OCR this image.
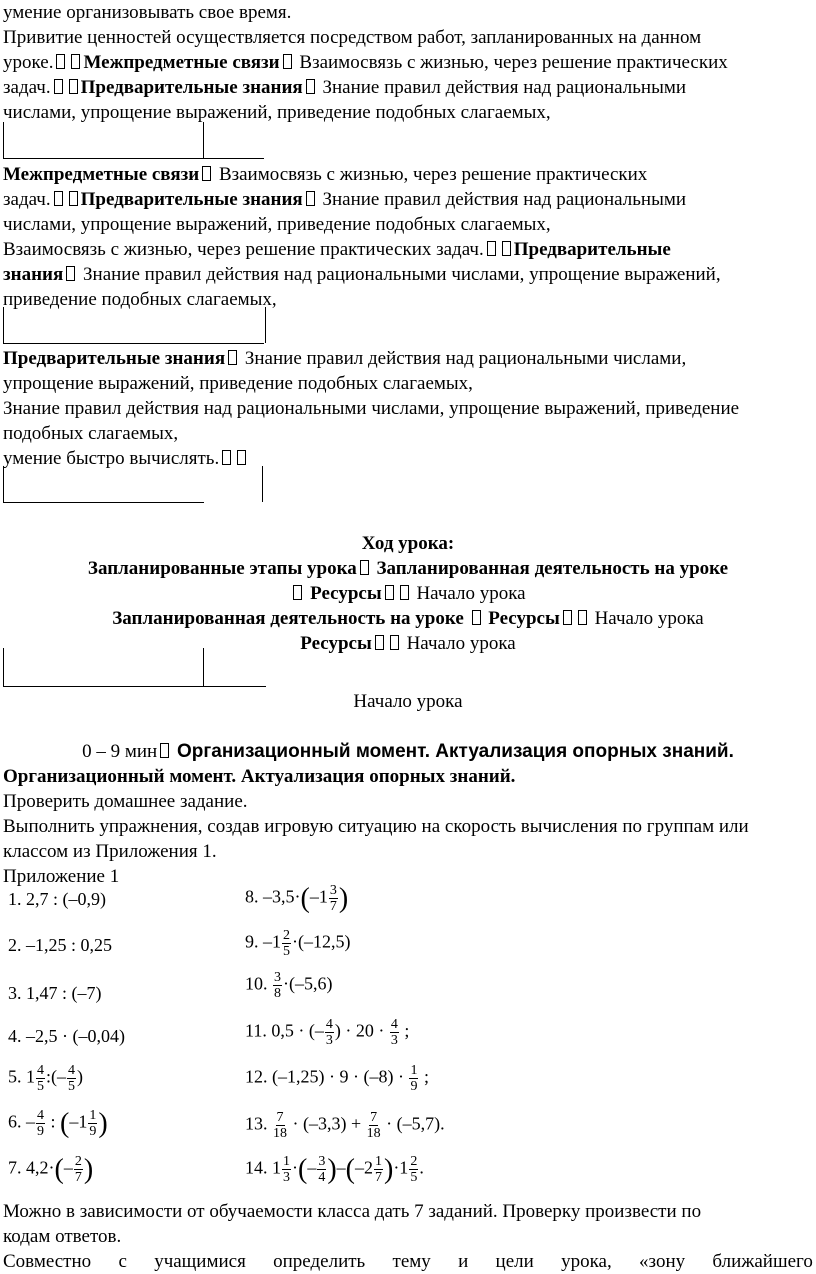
умение организовывать свое время.
Привитие ценностей осуществляется посредством работ, запланированных на данном
уроке. Межпредметные связи Взаимосвязь с жизнью, через решение практических
задач. Предварительные знания Знание правил действия над рациональными
числами, упрощение выражений, приведение подобных слагаемых,
Межпредметные связи Взаимосвязь с жизнью, через решение практических
задач. Предварительные знания Знание правил действия над рациональными
числами, упрощение выражений, приведение подобных слагаемых,
Взаимосвязь с жизнью, через решение практических задач. Предварительные
знания Знание правил действия над рациональными числами, упрощение выражений,
приведение подобных слагаемых,
Предварительные знания Знание правил действия над рациональными числами,
упрощение выражений, приведение подобных слагаемых,
Знание правил действия над рациональными числами, упрощение выражений, приведение
подобных слагаемых,
умение быстро вычислять.
Ход урока:
Запланированные этапы урока Запланированная деятельность на уроке
Ресурсы Начало урока
Запланированная деятельность на уроке Ресурсы Начало урока
Ресурсы Начало урока
Начало урока
0 – 9 мин Организационный момент. Актуализация опорных знаний.
Организационный момент. Актуализация опорных знаний.
Проверить домашнее задание.
Выполнить упражнения, создав игровую ситуацию на скорость вычисления по группам или
классом из Приложения 1.
Приложение 1
1. 2,7 : (–0,9)
2. –1,25 : 0,25
3. 1,47 : (–7)
4. –2,5 · (–0,04)
5. $1 \frac{4}{5}$ :(– $\frac{4}{5}$ )
6. – $\frac{4}{9}$ : ($-1 \frac{1}{9}$ )
7. $4,2\cdot(- \frac{2}{7}$ )
8. $-3,5\cdot(-1 \frac{3}{7}$ )
9. $-1 \frac{2}{5} \cdot(-12,5)$
10. $\frac{3}{8} \cdot(-5,6)$
11. 0,5 · (– $\frac{4}{3}$ ) · $20 \cdot \frac{4}{3}$ ;
12. $(-1,25) \cdot 9 \cdot (-8) \cdot \frac{1}{9}$ ;
13. $\frac{7}{18} \cdot (-3,3) + \frac{7}{18} \cdot (-5,7)$.
14. $1 \frac{1}{3}$ ·(– $\frac{3}{4} )-(-2 \frac{1}{7} )\cdot 1 \frac{2}{5}$ .
Можно в зависимости от обучаемости класса дать 7 заданий. Проверку произвести по
кодам ответов.
Совместно с учащимися определить тему и цели урока, «зону ближайшего
